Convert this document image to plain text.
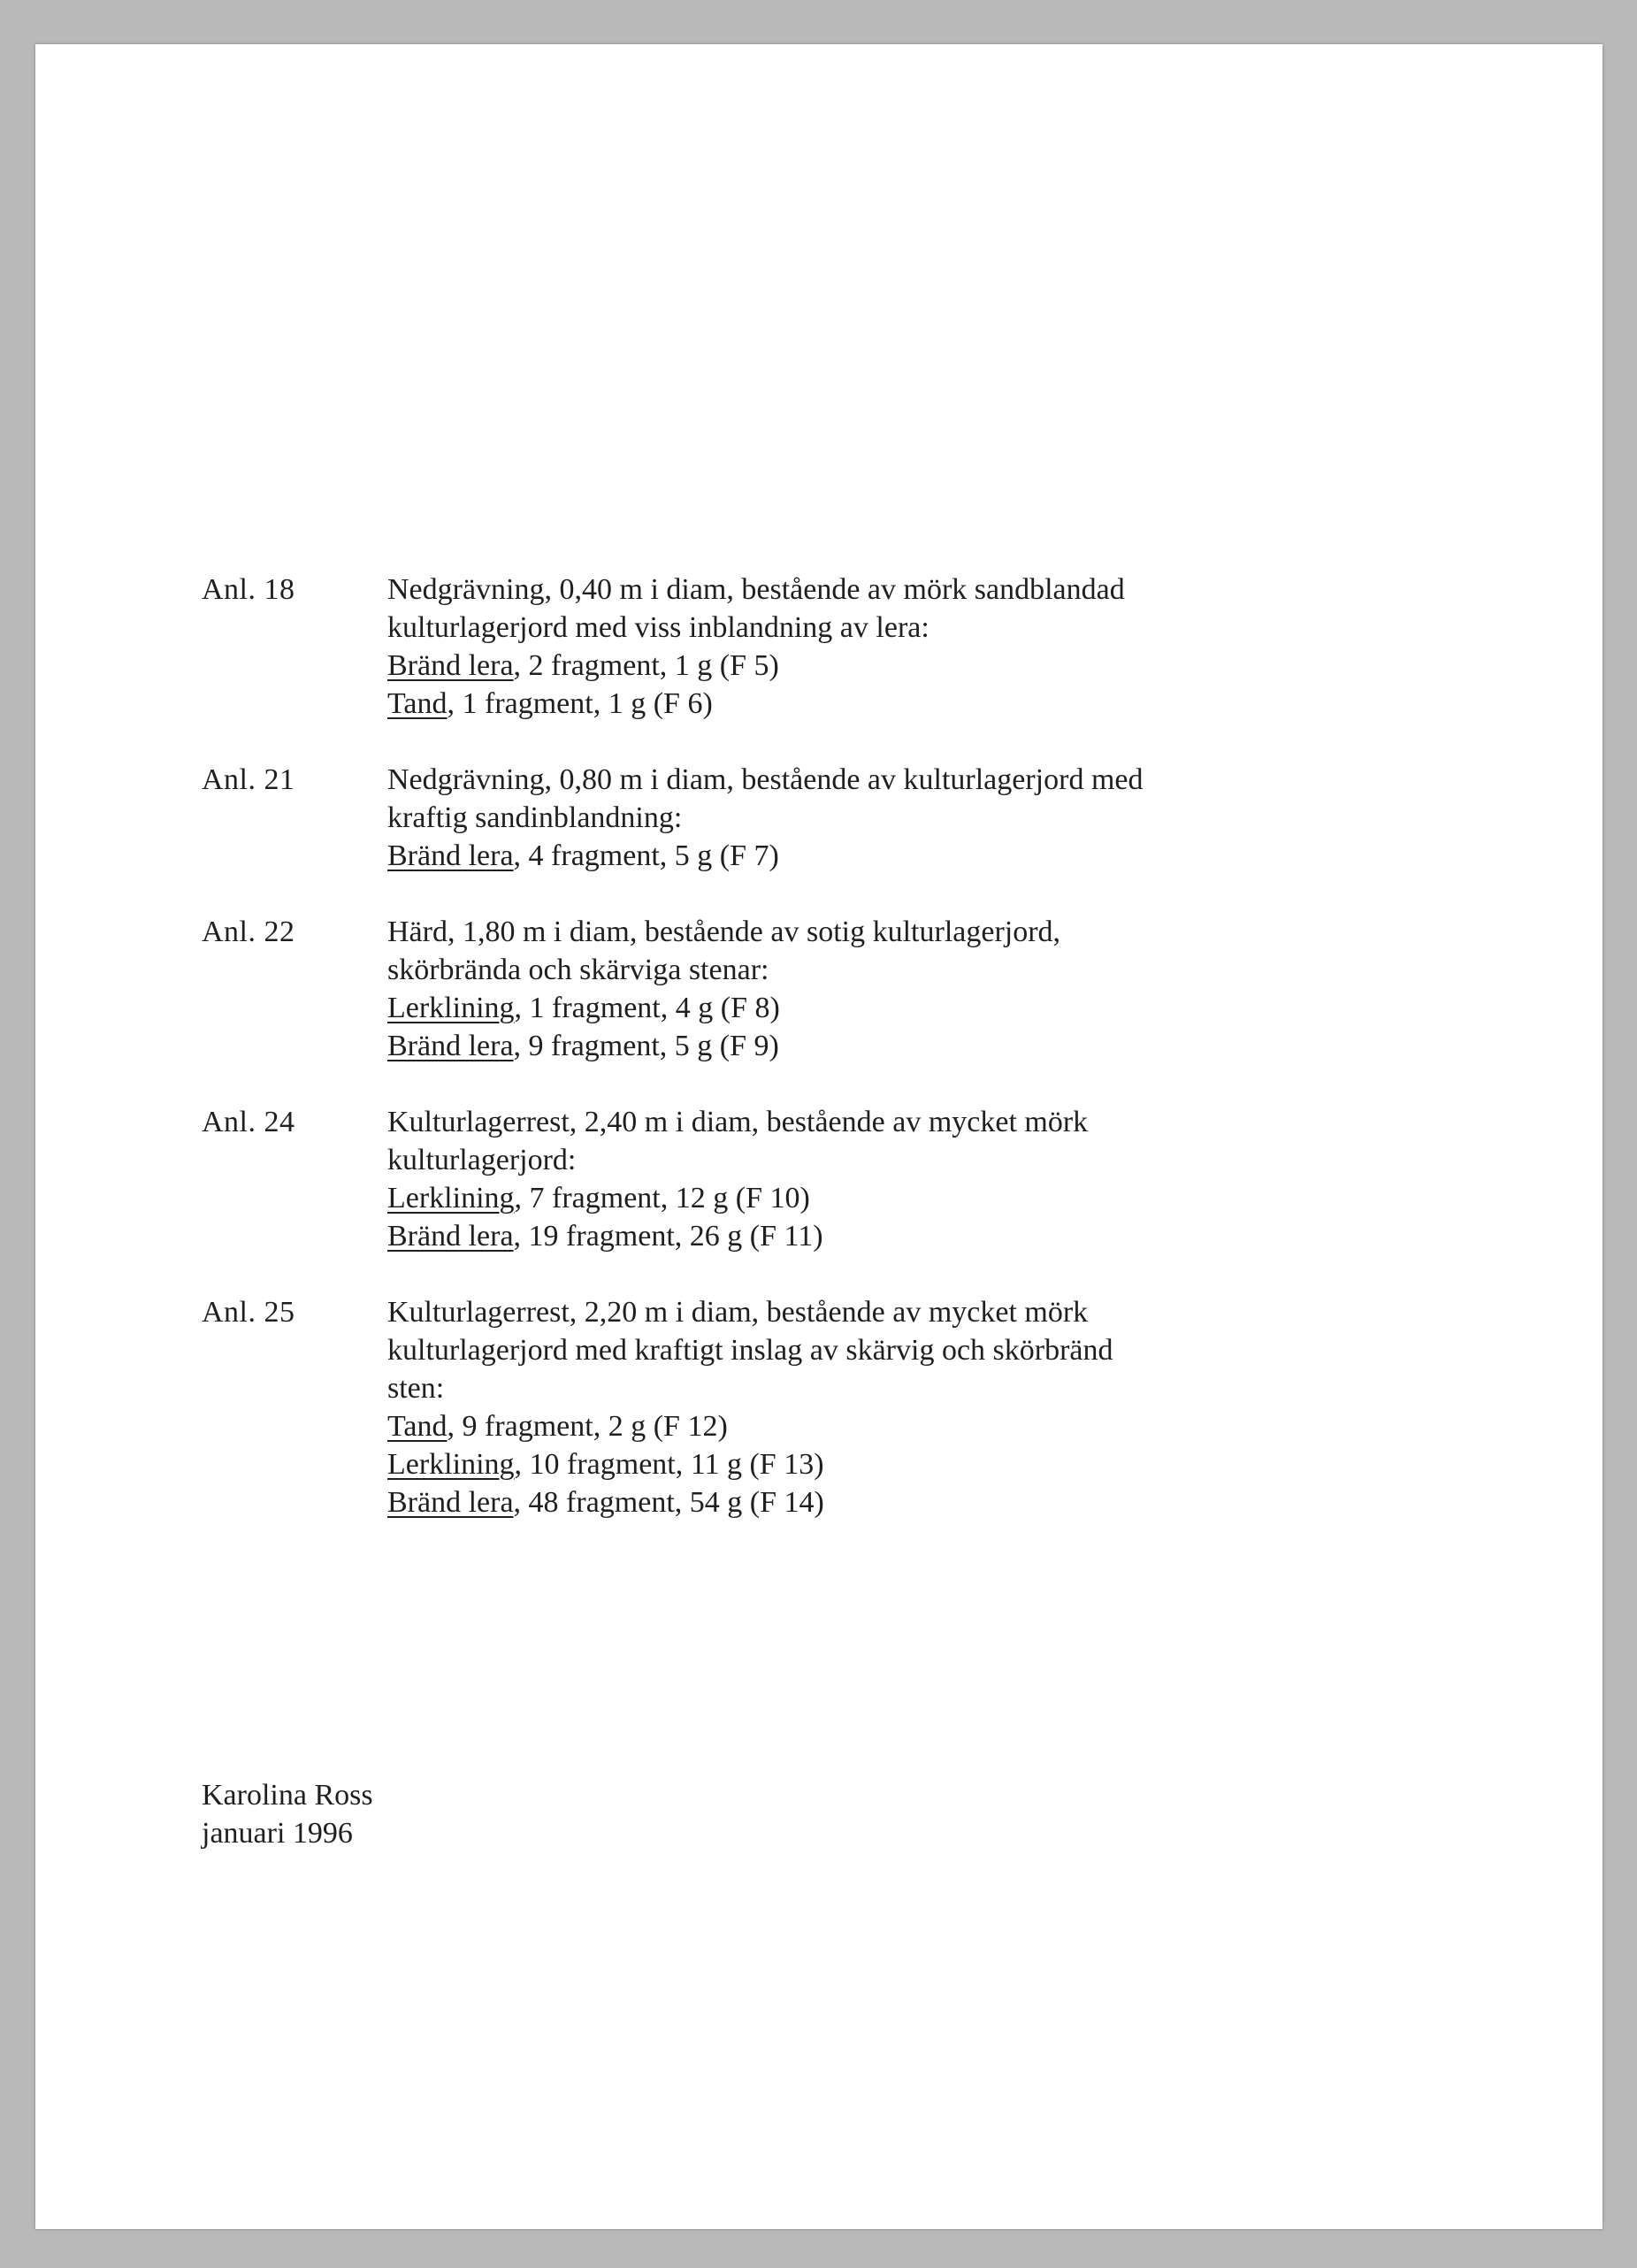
Anl. 18	Nedgrävning, 0,40 m i diam, bestående av mörk sandblandad
kulturlagerjord med viss inblandning av lera:
Bränd lera, 2 fragment, 1 g (F 5)
Tand, 1 fragment, 1 g (F 6)
Anl. 21	Nedgrävning, 0,80 m i diam, bestående av kulturlagerjord med
kraftig sandinblandning:
Bränd lera, 4 fragment, 5 g (F 7)
Anl. 22	Härd, 1,80 m i diam, bestående av sotig kulturlagerjord,
skörbrända och skärviga stenar:
Lerklining, 1 fragment, 4 g (F 8)
Bränd lera, 9 fragment, 5 g (F 9)
Anl. 24	Kulturlagerrest, 2,40 m i diam, bestående av mycket mörk
kulturlagerjord:
Lerklining, 7 fragment, 12 g (F 10)
Bränd lera, 19 fragment, 26 g (F 11)
Anl. 25	Kulturlagerrest, 2,20 m i diam, bestående av mycket mörk
kulturlagerjord med kraftigt inslag av skärvig och skörbränd
sten:
Tand, 9 fragment, 2 g (F 12)
Lerklining, 10 fragment, 11 g (F 13)
Bränd lera, 48 fragment, 54 g (F 14)
Karolina Ross
januari 1996
